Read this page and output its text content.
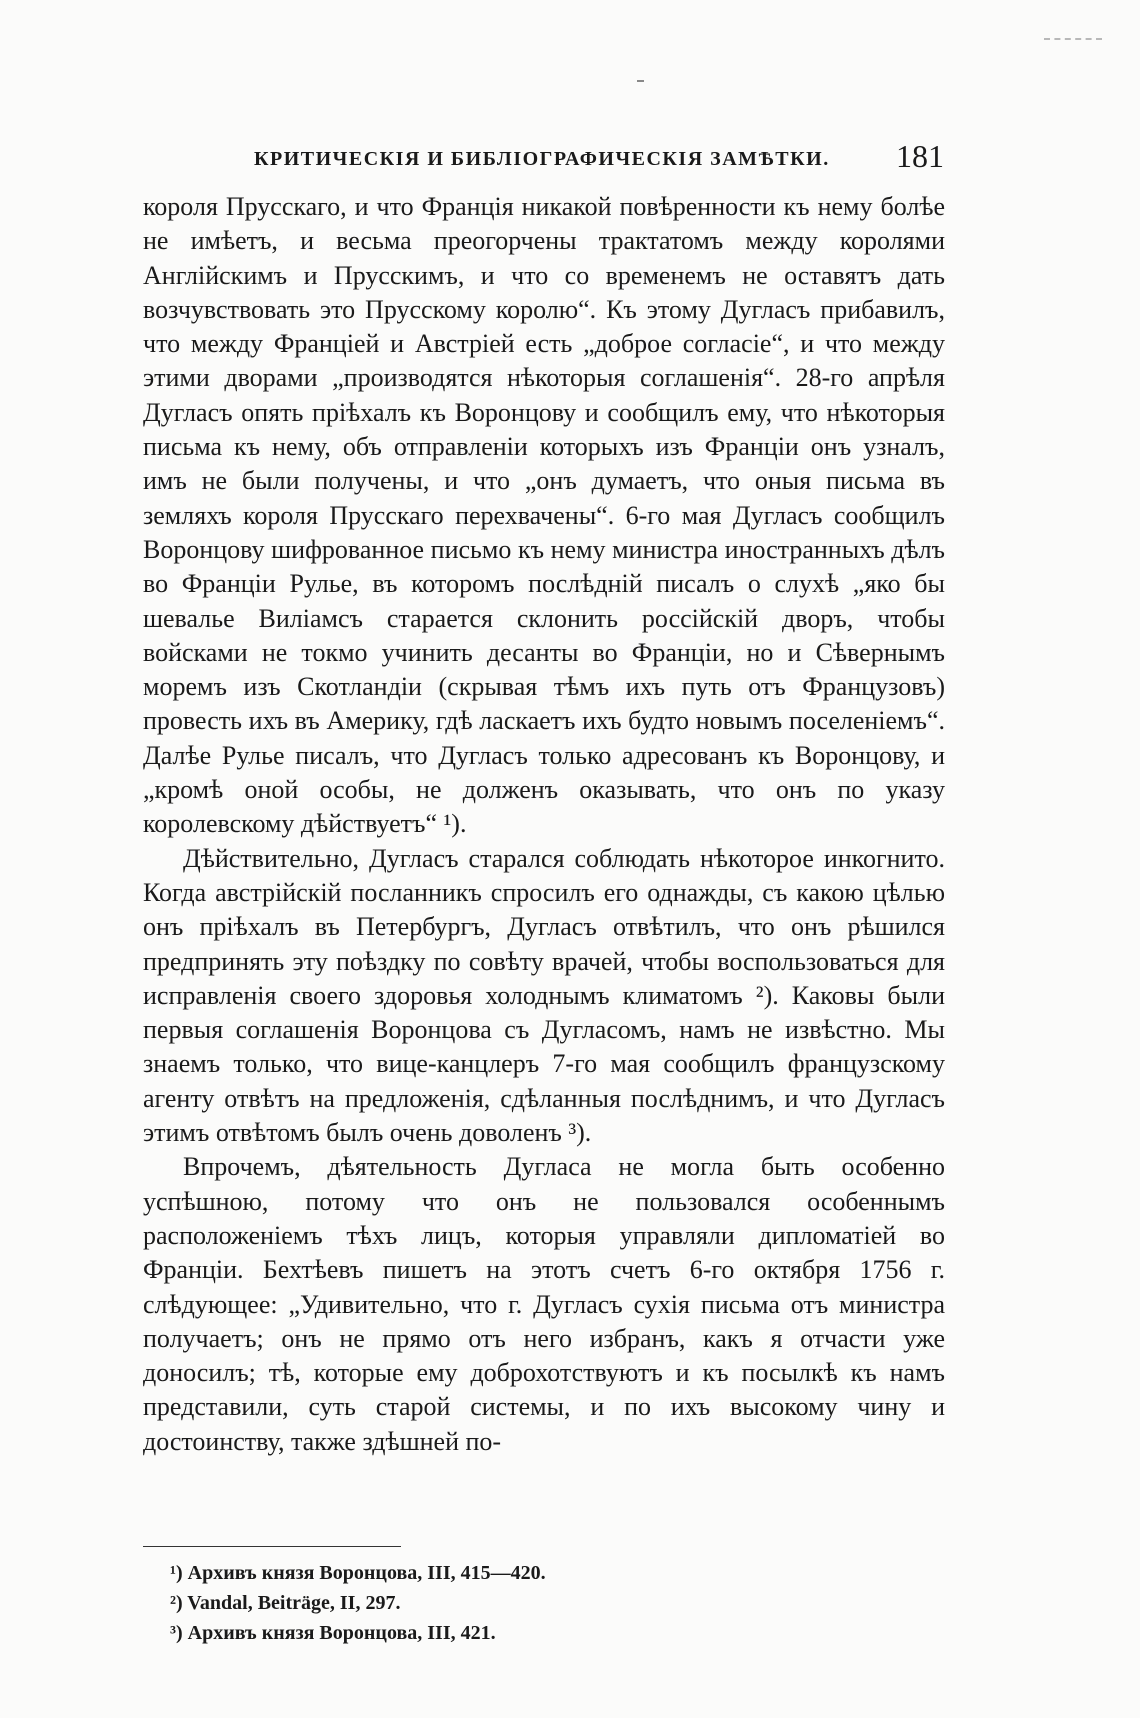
КРИТИЧЕСКІЯ И БИБЛІОГРАФИЧЕСКІЯ ЗАМѢТКИ. 181

короля Прусскаго, и что Франція никакой повѣренности къ нему болѣе не имѣетъ, и весьма преогорчены трактатомъ между королями Англійскимъ и Прусскимъ, и что со временемъ не оставятъ дать возчувствовать это Прусскому королю“. Къ этому Дугласъ прибавилъ, что между Франціей и Австріей есть „доброе согласіе“, и что между этими дворами „производятся нѣкоторыя соглашенія“. 28-го апрѣля Дугласъ опять пріѣхалъ къ Воронцову и сообщилъ ему, что нѣкоторыя письма къ нему, объ отправленіи которыхъ изъ Франціи онъ узналъ, имъ не были получены, и что „онъ думаетъ, что оныя письма въ земляхъ короля Прусскаго перехвачены“. 6-го мая Дугласъ сообщилъ Воронцову шифрованное письмо къ нему министра иностранныхъ дѣлъ во Франціи Рулье, въ которомъ послѣдній писалъ о слухѣ „яко бы шевалье Виліамсъ старается склонить россійскій дворъ, чтобы войсками не токмо учинить десанты во Франціи, но и Сѣвернымъ моремъ изъ Скотландіи (скрывая тѣмъ ихъ путь отъ Французовъ) провесть ихъ въ Америку, гдѣ ласкаетъ ихъ будто новымъ поселеніемъ“. Далѣе Рулье писалъ, что Дугласъ только адресованъ къ Воронцову, и „кромѣ оной особы, не долженъ оказывать, что онъ по указу королевскому дѣйствуетъ“ ¹).

Дѣйствительно, Дугласъ старался соблюдать нѣкоторое инкогнито. Когда австрійскій посланникъ спросилъ его однажды, съ какою цѣлью онъ пріѣхалъ въ Петербургъ, Дугласъ отвѣтилъ, что онъ рѣшился предпринять эту поѣздку по совѣту врачей, чтобы воспользоваться для исправленія своего здоровья холоднымъ климатомъ ²). Каковы были первыя соглашенія Воронцова съ Дугласомъ, намъ не извѣстно. Мы знаемъ только, что вице-канцлеръ 7-го мая сообщилъ французскому агенту отвѣтъ на предложенія, сдѣланныя послѣднимъ, и что Дугласъ этимъ отвѣтомъ былъ очень доволенъ ³).

Впрочемъ, дѣятельность Дугласа не могла быть особенно успѣшною, потому что онъ не пользовался особеннымъ расположеніемъ тѣхъ лицъ, которыя управляли дипломатіей во Франціи. Бехтѣевъ пишетъ на этотъ счетъ 6-го октября 1756 г. слѣдующее: „Удивительно, что г. Дугласъ сухія письма отъ министра получаетъ; онъ не прямо отъ него избранъ, какъ я отчасти уже доносилъ; тѣ, которые ему доброхотствуютъ и къ посылкѣ къ намъ представили, суть старой системы, и по ихъ высокому чину и достоинству, также здѣшней по-

¹) Архивъ князя Воронцова, III, 415—420.
²) Vandal, Beiträge, II, 297.
³) Архивъ князя Воронцова, III, 421.
